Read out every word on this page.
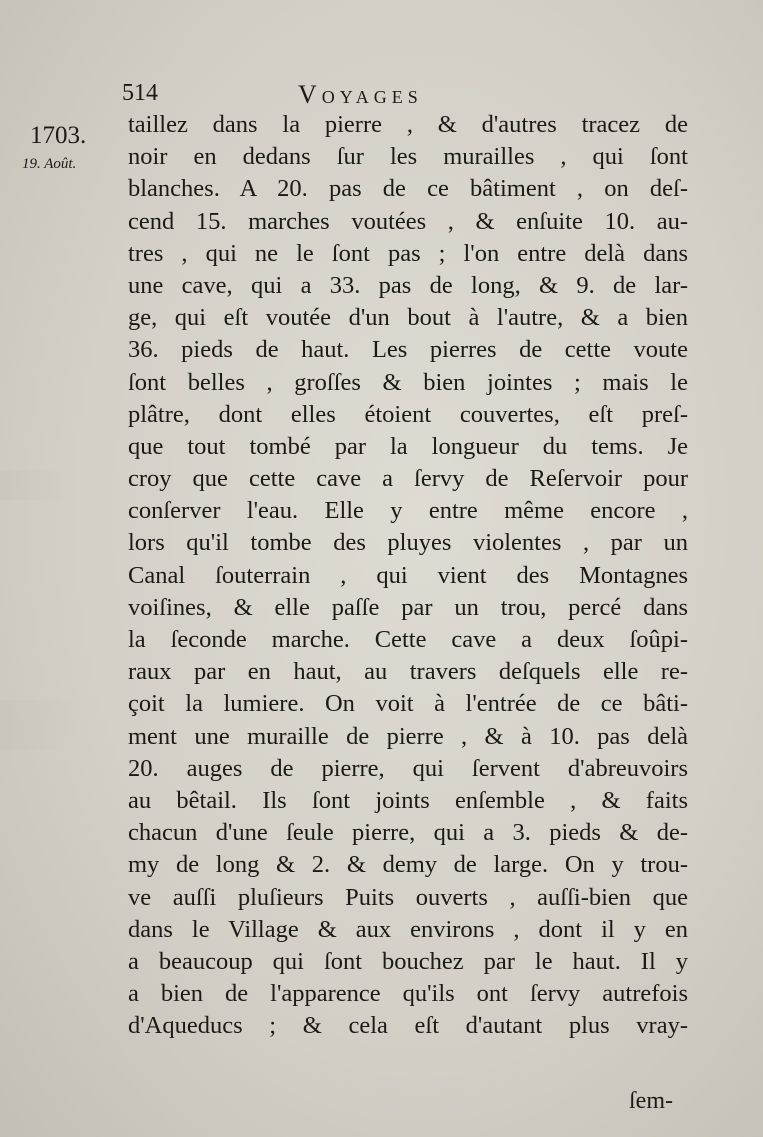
514	Voyages
1703.
19. Août.
taillez dans la pierre , & d'autres tracez de
noir en dedans ſur les murailles , qui ſont
blanches. A 20. pas de ce bâtiment , on deſ-
cend 15. marches voutées , & enſuite 10. au-
tres , qui ne le ſont pas ; l'on entre delà dans
une cave, qui a 33. pas de long, & 9. de lar-
ge, qui eſt voutée d'un bout à l'autre, & a bien
36. pieds de haut. Les pierres de cette voute
ſont belles , groſſes & bien jointes ; mais le
plâtre, dont elles étoient couvertes, eſt preſ-
que tout tombé par la longueur du tems. Je
croy que cette cave a ſervy de Reſervoir pour
conſerver l'eau. Elle y entre même encore ,
lors qu'il tombe des pluyes violentes , par un
Canal ſouterrain , qui vient des Montagnes
voiſines, & elle paſſe par un trou, percé dans
la ſeconde marche. Cette cave a deux ſoûpi-
raux par en haut, au travers deſquels elle re-
çoit la lumiere. On voit à l'entrée de ce bâti-
ment une muraille de pierre , & à 10. pas delà
20. auges de pierre, qui ſervent d'abreuvoirs
au bêtail. Ils ſont joints enſemble , & faits
chacun d'une ſeule pierre, qui a 3. pieds & de-
my de long & 2. & demy de large. On y trou-
ve auſſi pluſieurs Puits ouverts , auſſi-bien que
dans le Village & aux environs , dont il y en
a beaucoup qui ſont bouchez par le haut. Il y
a bien de l'apparence qu'ils ont ſervy autrefois
d'Aqueducs ; & cela eſt d'autant plus vray-
ſem-
